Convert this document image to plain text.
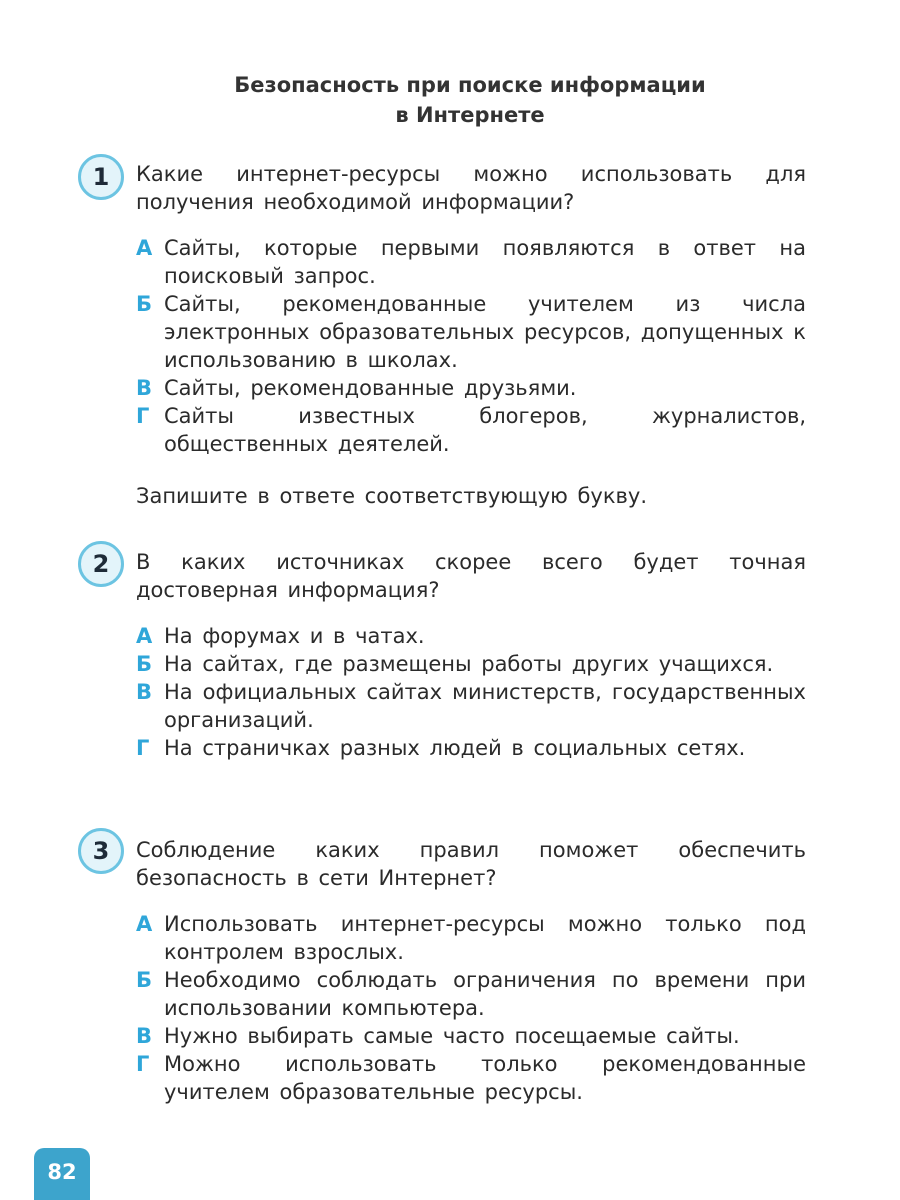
Безопасность при поиске информации
в Интернете
1	Какие интернет-ресурсы можно использовать для получения необходимой информации?

А Сайты, которые первыми появляются в ответ на поисковый запрос.
Б Сайты, рекомендованные учителем из числа электронных образовательных ресурсов, допущенных к использованию в школах.
В Сайты, рекомендованные друзьями.
Г Сайты известных блогеров, журналистов, общественных деятелей.
Запишите в ответе соответствующую букву.
2	В каких источниках скорее всего будет точная достоверная информация?

А На форумах и в чатах.
Б На сайтах, где размещены работы других учащихся.
В На официальных сайтах министерств, государственных организаций.
Г На страничках разных людей в социальных сетях.
3	Соблюдение каких правил поможет обеспечить безопасность в сети Интернет?

А Использовать интернет-ресурсы можно только под контролем взрослых.
Б Необходимо соблюдать ограничения по времени при использовании компьютера.
В Нужно выбирать самые часто посещаемые сайты.
Г Можно использовать только рекомендованные учителем образовательные ресурсы.
82
